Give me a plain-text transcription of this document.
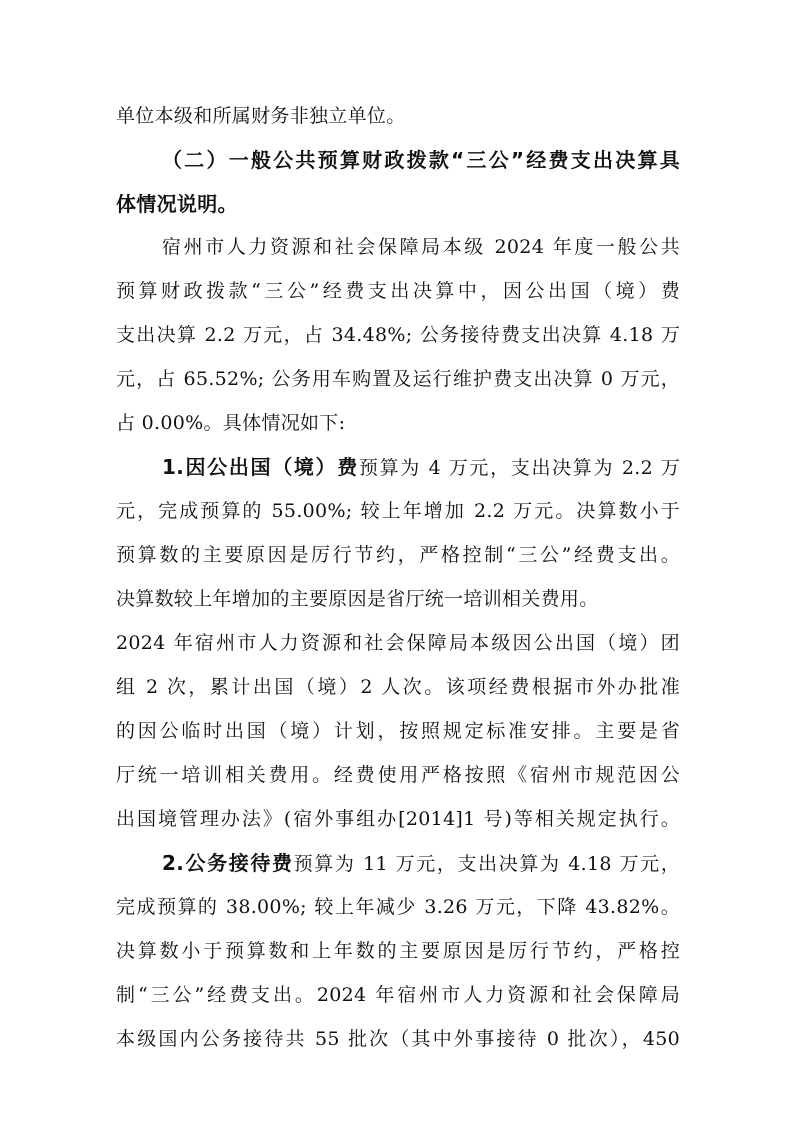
单位本级和所属财务非独立单位。
（二）一般公共预算财政拨款“三公”经费支出决算具
体情况说明。
宿州市人力资源和社会保障局本级 2024 年度一般公共
预算财政拨款“三公”经费支出决算中，因公出国（境）费
支出决算 2.2 万元，占 34.48%; 公务接待费支出决算 4.18 万
元，占 65.52%; 公务用车购置及运行维护费支出决算 0 万元，
占 0.00%。具体情况如下:
1.因公出国（境）费预算为 4 万元，支出决算为 2.2 万
元，完成预算的 55.00%; 较上年增加 2.2 万元。决算数小于
预算数的主要原因是厉行节约，严格控制“三公”经费支出。
决算数较上年增加的主要原因是省厅统一培训相关费用。
2024 年宿州市人力资源和社会保障局本级因公出国（境）团
组 2 次，累计出国（境）2 人次。该项经费根据市外办批准
的因公临时出国（境）计划，按照规定标准安排。主要是省
厅统一培训相关费用。经费使用严格按照《宿州市规范因公
出国境管理办法》(宿外事组办[2014]1 号)等相关规定执行。
2.公务接待费预算为 11 万元，支出决算为 4.18 万元，
完成预算的 38.00%; 较上年减少 3.26 万元，下降 43.82%。
决算数小于预算数和上年数的主要原因是厉行节约，严格控
制“三公”经费支出。2024 年宿州市人力资源和社会保障局
本级国内公务接待共 55 批次（其中外事接待 0 批次），450
